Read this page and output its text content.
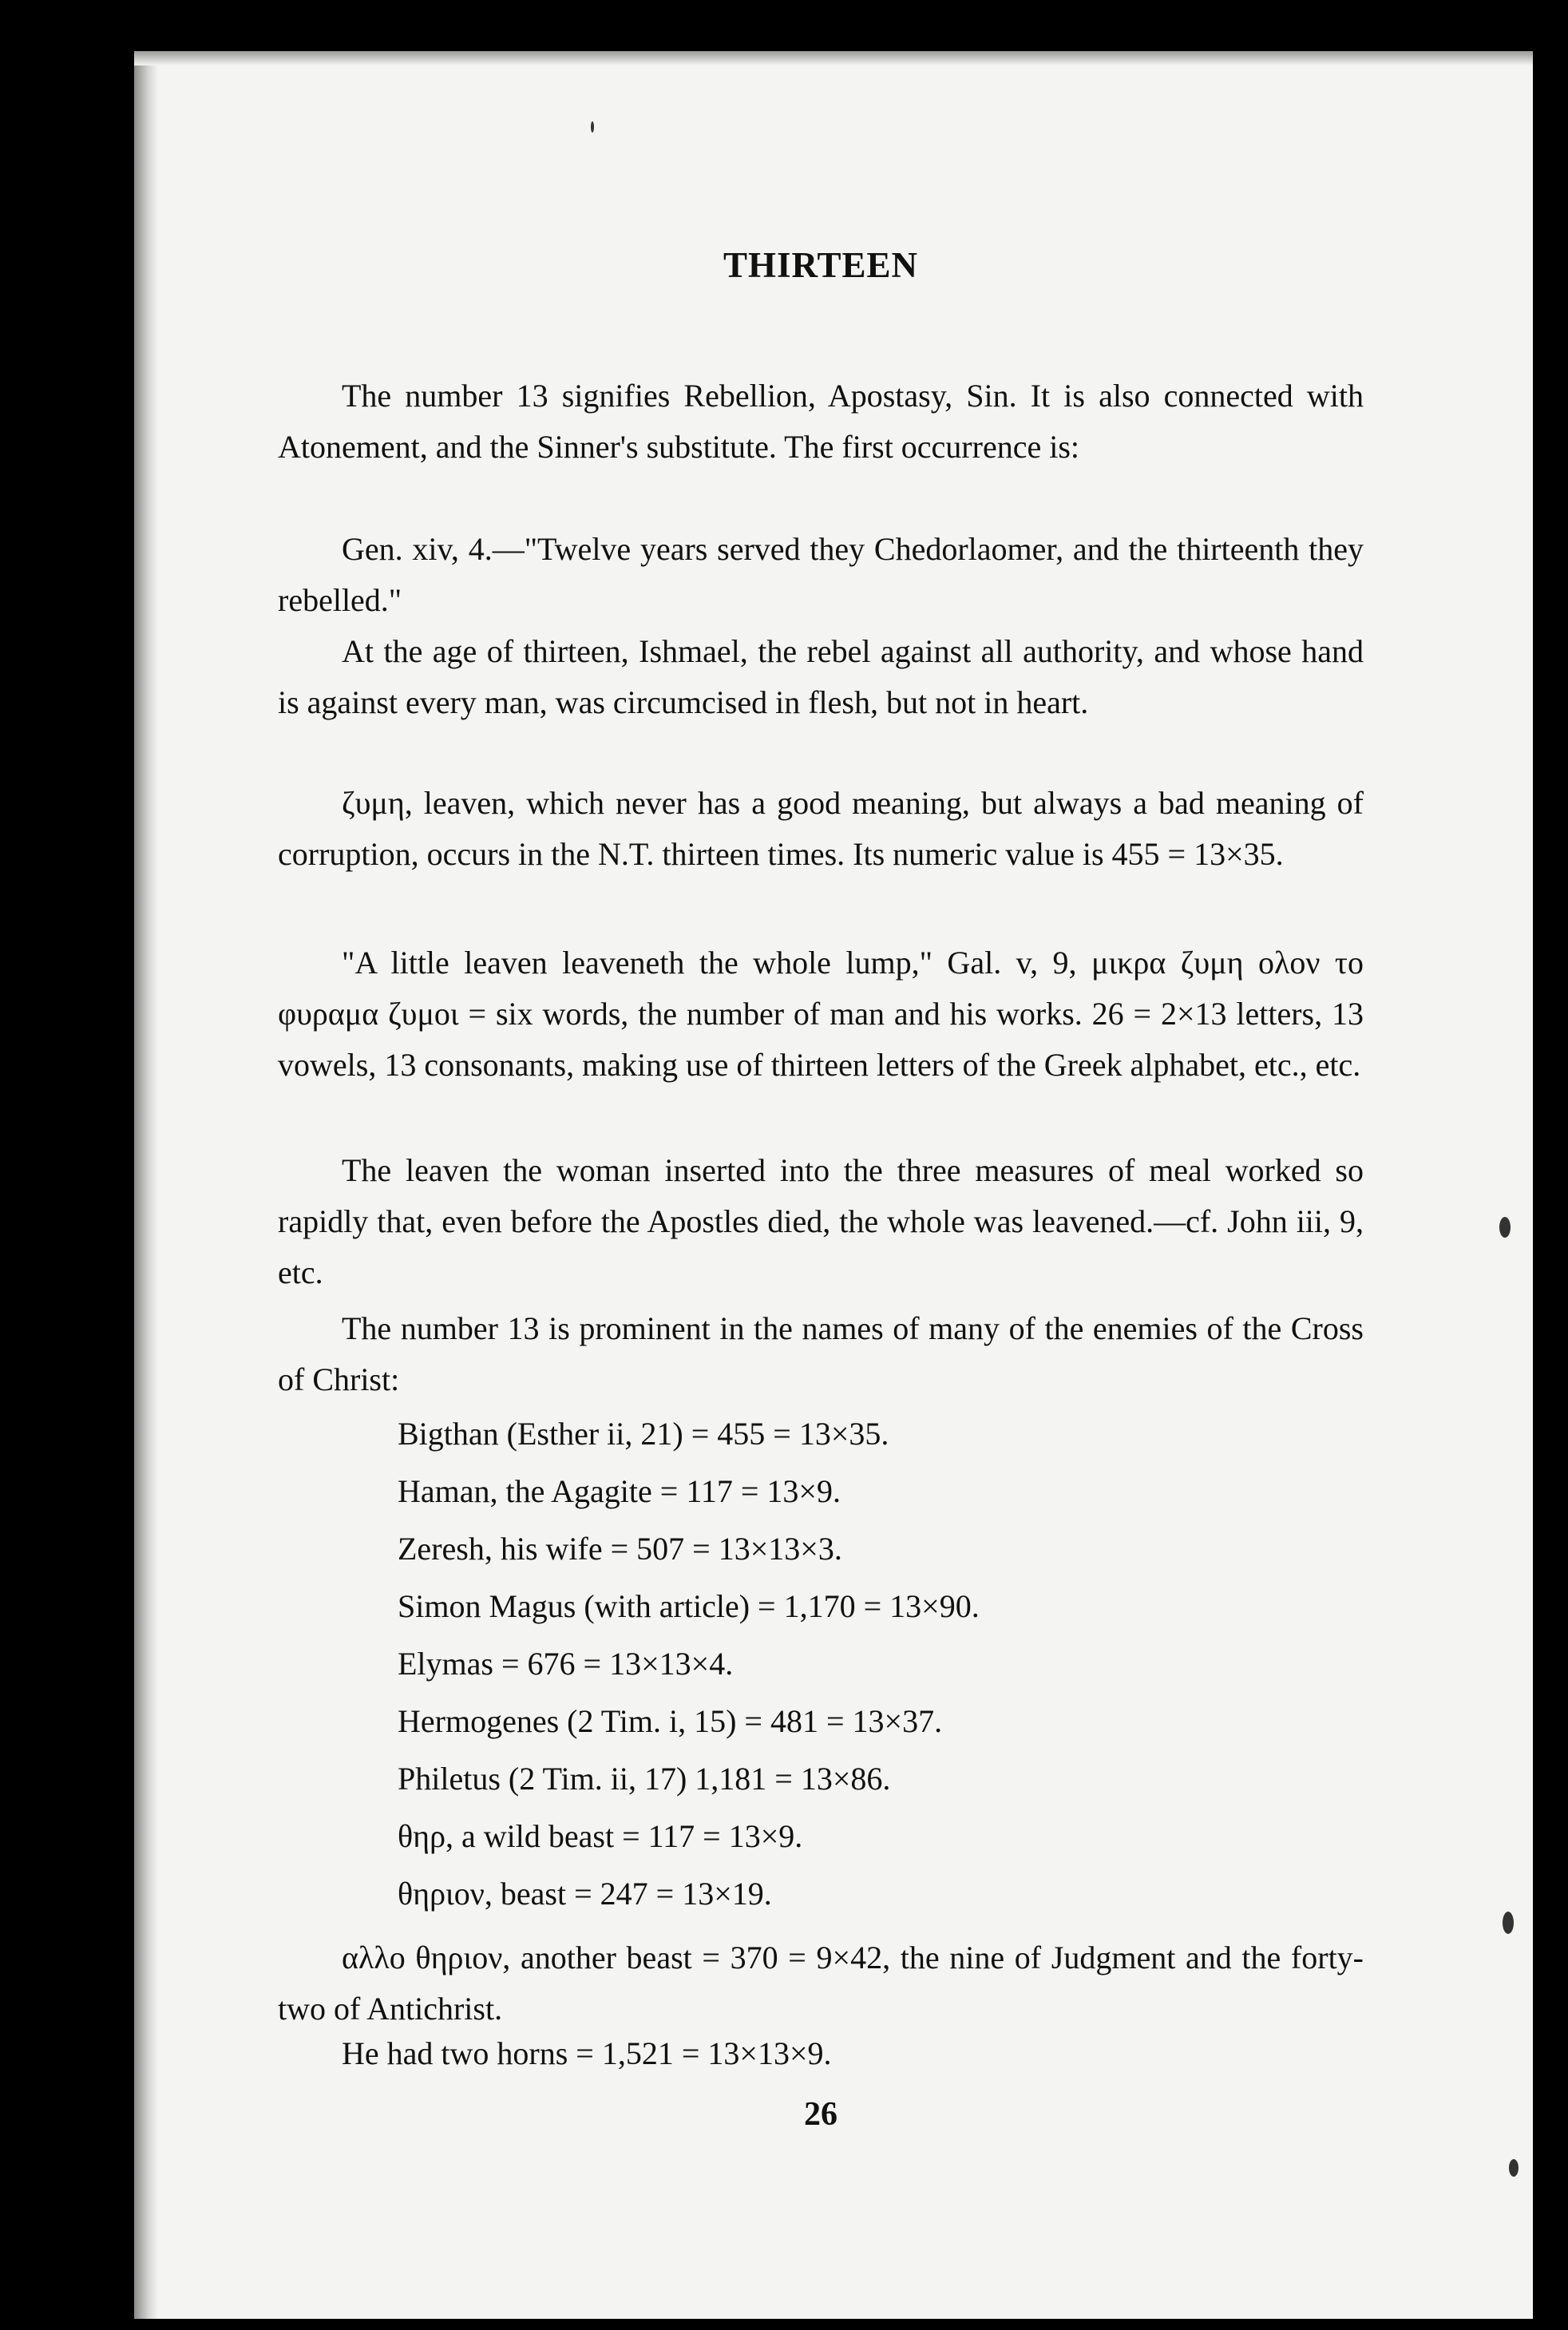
THIRTEEN

The number 13 signifies Rebellion, Apostasy, Sin. It is also connected with Atonement, and the Sinner's substitute. The first occurrence is:

Gen. xiv, 4.—"Twelve years served they Chedorlaomer, and the thirteenth they rebelled."

At the age of thirteen, Ishmael, the rebel against all authority, and whose hand is against every man, was circumcised in flesh, but not in heart.

ζυμη, leaven, which never has a good meaning, but always a bad meaning of corruption, occurs in the N.T. thirteen times. Its numeric value is 455 = 13×35.

"A little leaven leaveneth the whole lump," Gal. v, 9, μικρα ζυμη ολον το φυραμα ζυμοι = six words, the number of man and his works. 26 = 2×13 letters, 13 vowels, 13 consonants, making use of thirteen letters of the Greek alphabet, etc., etc.

The leaven the woman inserted into the three measures of meal worked so rapidly that, even before the Apostles died, the whole was leavened.—cf. John iii, 9, etc.

The number 13 is prominent in the names of many of the enemies of the Cross of Christ:

Bigthan (Esther ii, 21) = 455 = 13×35.
Haman, the Agagite = 117 = 13×9.
Zeresh, his wife = 507 = 13×13×3.
Simon Magus (with article) = 1,170 = 13×90.
Elymas = 676 = 13×13×4.
Hermogenes (2 Tim. i, 15) = 481 = 13×37.
Philetus (2 Tim. ii, 17) 1,181 = 13×86.
θηρ, a wild beast = 117 = 13×9.
θηριον, beast = 247 = 13×19.

αλλο θηριον, another beast = 370 = 9×42, the nine of Judgment and the forty-two of Antichrist.

He had two horns = 1,521 = 13×13×9.

26
